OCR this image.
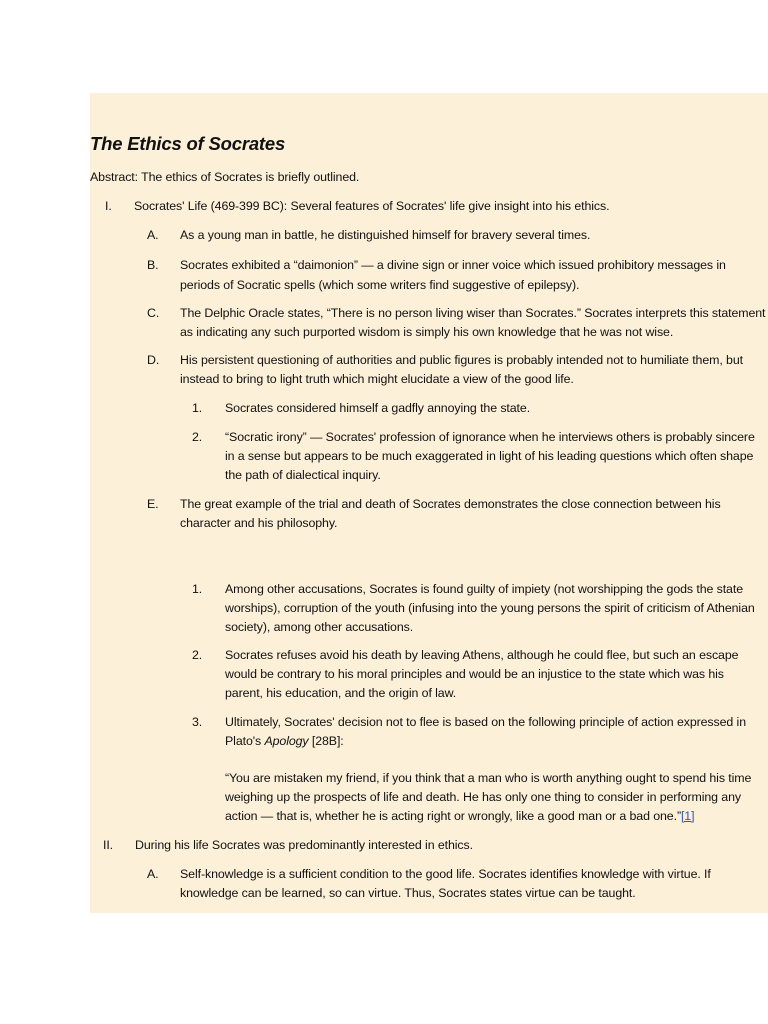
The Ethics of Socrates
Abstract: The ethics of Socrates is briefly outlined.
I. Socrates' Life (469-399 BC): Several features of Socrates' life give insight into his ethics.
A. As a young man in battle, he distinguished himself for bravery several times.
B. Socrates exhibited a “daimonion” — a divine sign or inner voice which issued prohibitory messages in
periods of Socratic spells (which some writers find suggestive of epilepsy).
C. The Delphic Oracle states, “There is no person living wiser than Socrates.” Socrates interprets this statement
as indicating any such purported wisdom is simply his own knowledge that he was not wise.
D. His persistent questioning of authorities and public figures is probably intended not to humiliate them, but
instead to bring to light truth which might elucidate a view of the good life.
1. Socrates considered himself a gadfly annoying the state.
2. “Socratic irony” — Socrates' profession of ignorance when he interviews others is probably sincere
in a sense but appears to be much exaggerated in light of his leading questions which often shape
the path of dialectical inquiry.
E. The great example of the trial and death of Socrates demonstrates the close connection between his
character and his philosophy.
1. Among other accusations, Socrates is found guilty of impiety (not worshipping the gods the state
worships), corruption of the youth (infusing into the young persons the spirit of criticism of Athenian
society), among other accusations.
2. Socrates refuses avoid his death by leaving Athens, although he could flee, but such an escape
would be contrary to his moral principles and would be an injustice to the state which was his
parent, his education, and the origin of law.
3. Ultimately, Socrates' decision not to flee is based on the following principle of action expressed in
Plato's Apology [28B]:
“You are mistaken my friend, if you think that a man who is worth anything ought to spend his time
weighing up the prospects of life and death. He has only one thing to consider in performing any
action — that is, whether he is acting right or wrongly, like a good man or a bad one.”[1]
II. During his life Socrates was predominantly interested in ethics.
A. Self-knowledge is a sufficient condition to the good life. Socrates identifies knowledge with virtue. If
knowledge can be learned, so can virtue. Thus, Socrates states virtue can be taught.
